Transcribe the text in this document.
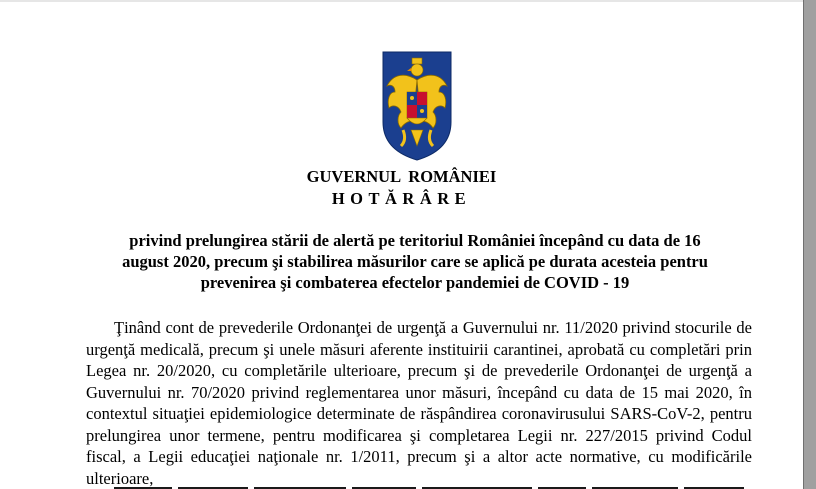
GUVERNUL ROMÂNIEI
HOTĂRÂRE

privind prelungirea stării de alertă pe teritoriul României începând cu data de 16 august 2020, precum şi stabilirea măsurilor care se aplică pe durata acesteia pentru prevenirea şi combaterea efectelor pandemiei de COVID - 19

Ţinând cont de prevederile Ordonanţei de urgenţă a Guvernului nr. 11/2020 privind stocurile de urgenţă medicală, precum şi unele măsuri aferente instituirii carantinei, aprobată cu completări prin Legea nr. 20/2020, cu completările ulterioare, precum şi de prevederile Ordonanţei de urgenţă a Guvernului nr. 70/2020 privind reglementarea unor măsuri, începând cu data de 15 mai 2020, în contextul situaţiei epidemiologice determinate de răspândirea coronavirusului SARS-CoV-2, pentru prelungirea unor termene, pentru modificarea şi completarea Legii nr. 227/2015 privind Codul fiscal, a Legii educaţiei naţionale nr. 1/2011, precum şi a altor acte normative, cu modificările ulterioare,
